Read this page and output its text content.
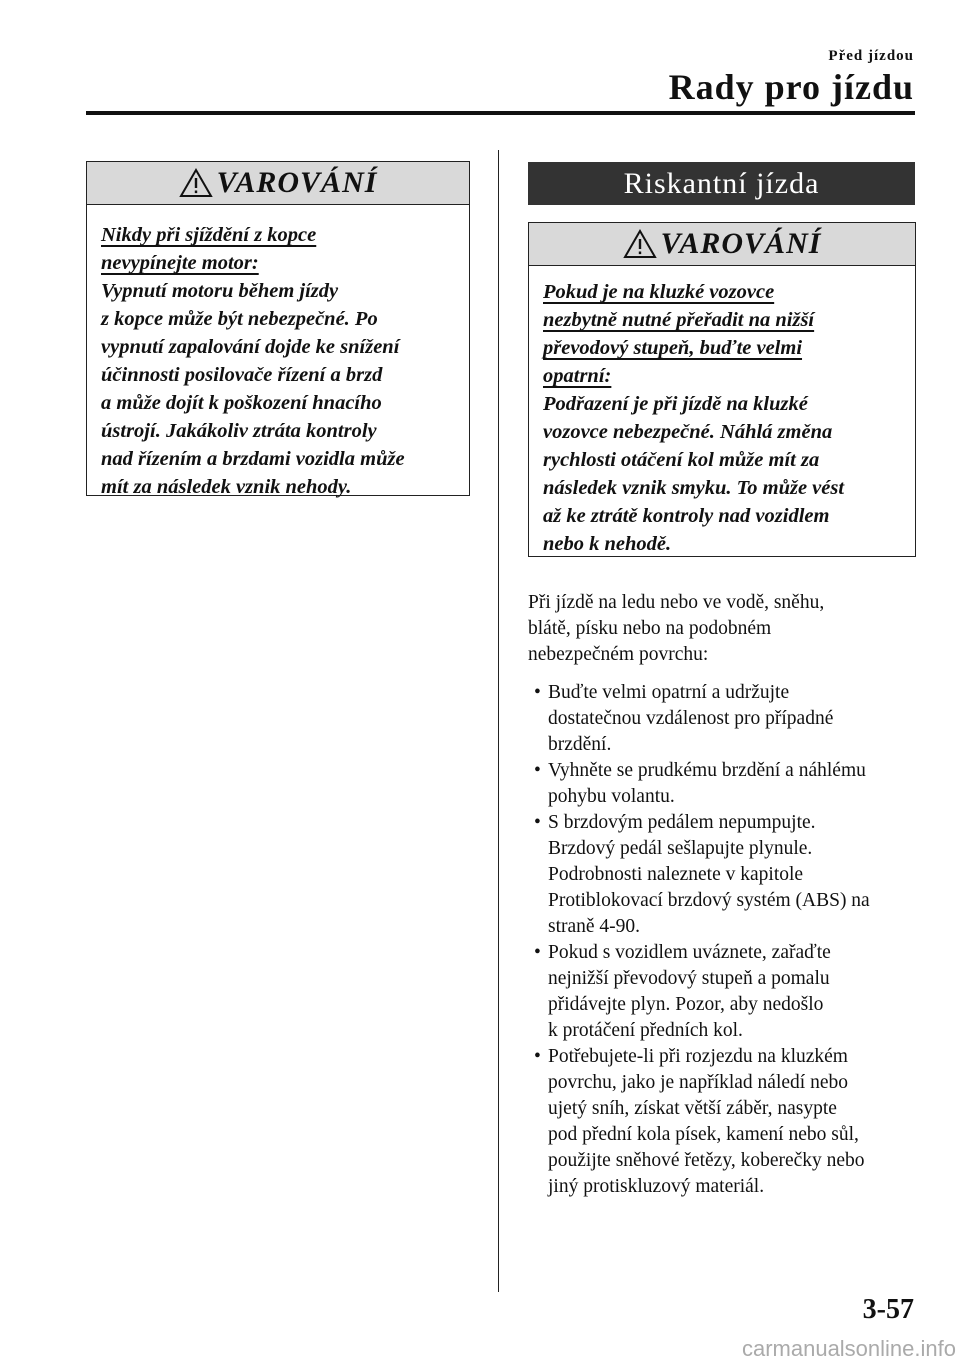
Před jízdou
Rady pro jízdu
VAROVÁNÍ
Nikdy při sjíždění z kopce
nevypínejte motor:
Vypnutí motoru během jízdy
z kopce může být nebezpečné. Po
vypnutí zapalování dojde ke snížení
účinnosti posilovače řízení a brzd
a může dojít k poškození hnacího
ústrojí. Jakákoliv ztráta kontroly
nad řízením a brzdami vozidla může
mít za následek vznik nehody.
Riskantní jízda
VAROVÁNÍ
Pokud je na kluzké vozovce
nezbytně nutné přeřadit na nižší
převodový stupeň, buďte velmi
opatrní:
Podřazení je při jízdě na kluzké
vozovce nebezpečné. Náhlá změna
rychlosti otáčení kol může mít za
následek vznik smyku. To může vést
až ke ztrátě kontroly nad vozidlem
nebo k nehodě.
Při jízdě na ledu nebo ve vodě, sněhu,
blátě, písku nebo na podobném
nebezpečném povrchu:
• Buďte velmi opatrní a udržujte
dostatečnou vzdálenost pro případné
brzdění.
• Vyhněte se prudkému brzdění a náhlému
pohybu volantu.
• S brzdovým pedálem nepumpujte.
Brzdový pedál sešlapujte plynule.
Podrobnosti naleznete v kapitole
Protiblokovací brzdový systém (ABS) na
straně 4-90.
• Pokud s vozidlem uváznete, zařaďte
nejnižší převodový stupeň a pomalu
přidávejte plyn. Pozor, aby nedošlo
k protáčení předních kol.
• Potřebujete-li při rozjezdu na kluzkém
povrchu, jako je například náledí nebo
ujetý sníh, získat větší záběr, nasypte
pod přední kola písek, kamení nebo sůl,
použijte sněhové řetězy, koberečky nebo
jiný protiskluzový materiál.
3-57
carmanualsonline.info
